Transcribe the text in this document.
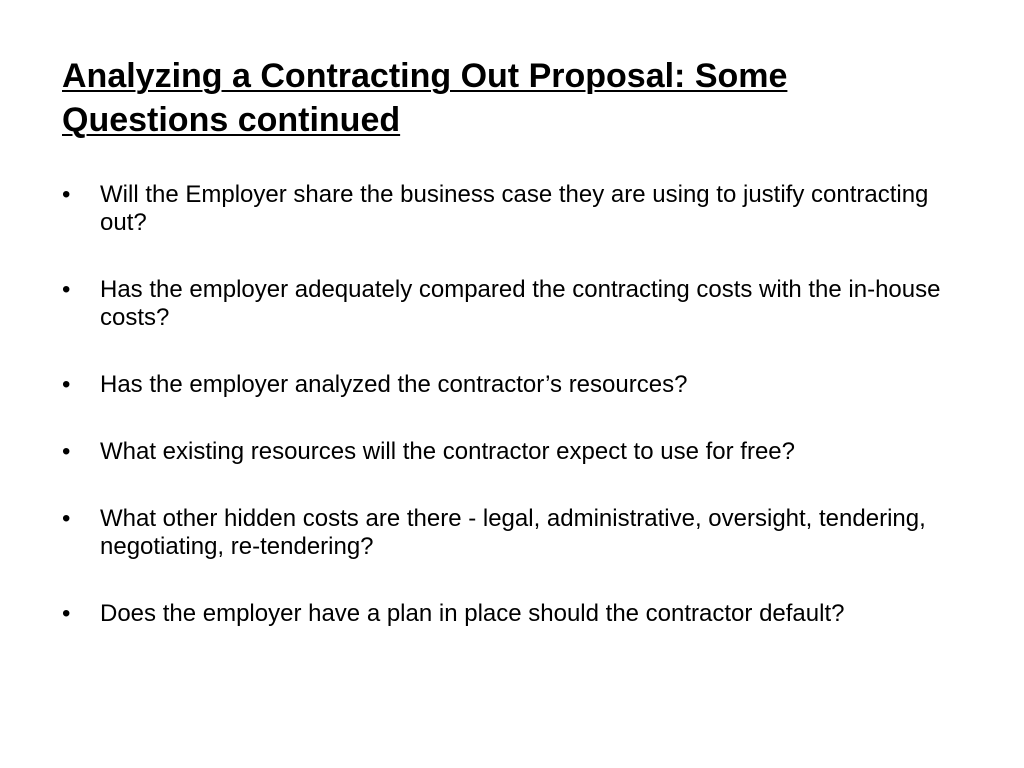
Analyzing a Contracting Out Proposal: Some Questions continued
•	Will the Employer share the business case they are using to justify contracting out?
•	Has the employer adequately compared the contracting costs with the in-house costs?
•	Has the employer analyzed the contractor’s resources?
•	What existing resources will the contractor expect to use for free?
•	What other hidden costs are there - legal, administrative, oversight, tendering, negotiating, re-tendering?
•	Does the employer have a plan in place should the contractor default?
